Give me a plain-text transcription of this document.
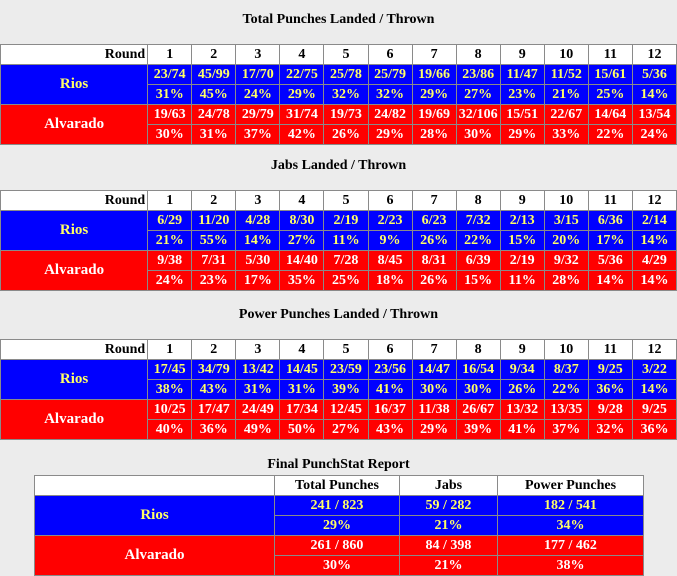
Total Punches Landed / Thrown
Round	1	2	3	4	5	6	7	8	9	10	11	12
Rios	23/74	45/99	17/70	22/75	25/78	25/79	19/66	23/86	11/47	11/52	15/61	5/36
	31%	45%	24%	29%	32%	32%	29%	27%	23%	21%	25%	14%
Alvarado	19/63	24/78	29/79	31/74	19/73	24/82	19/69	32/106	15/51	22/67	14/64	13/54
	30%	31%	37%	42%	26%	29%	28%	30%	29%	33%	22%	24%
Jabs Landed / Thrown
Round	1	2	3	4	5	6	7	8	9	10	11	12
Rios	6/29	11/20	4/28	8/30	2/19	2/23	6/23	7/32	2/13	3/15	6/36	2/14
	21%	55%	14%	27%	11%	9%	26%	22%	15%	20%	17%	14%
Alvarado	9/38	7/31	5/30	14/40	7/28	8/45	8/31	6/39	2/19	9/32	5/36	4/29
	24%	23%	17%	35%	25%	18%	26%	15%	11%	28%	14%	14%
Power Punches Landed / Thrown
Round	1	2	3	4	5	6	7	8	9	10	11	12
Rios	17/45	34/79	13/42	14/45	23/59	23/56	14/47	16/54	9/34	8/37	9/25	3/22
	38%	43%	31%	31%	39%	41%	30%	30%	26%	22%	36%	14%
Alvarado	10/25	17/47	24/49	17/34	12/45	16/37	11/38	26/67	13/32	13/35	9/28	9/25
	40%	36%	49%	50%	27%	43%	29%	39%	41%	37%	32%	36%
Final PunchStat Report
	Total Punches	Jabs	Power Punches
Rios	241 / 823	59 / 282	182 / 541
	29%	21%	34%
Alvarado	261 / 860	84 / 398	177 / 462
	30%	21%	38%
